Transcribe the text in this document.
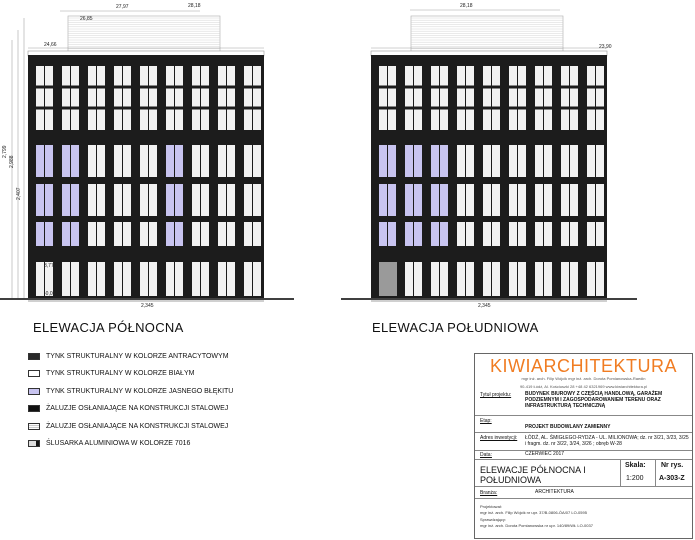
27,97	28,18
26,85
24,66
28,18
23,90
2,799
2,988
2,407
3,77
-0,05
2,345	2,345
ELEWACJA PÓŁNOCNA	ELEWACJA POŁUDNIOWA
TYNK STRUKTURALNY W KOLORZE ANTRACYTOWYM
TYNK STRUKTURALNY W KOLORZE BIAŁYM
TYNK STRUKTURALNY W KOLORZE JASNEGO BŁĘKITU
ŻALUZJE OSŁANIAJĄCE NA KONSTRUKCJI STALOWEJ
ŻALUZJE OSŁANIAJĄCE NA KONSTRUKCJI STALOWEJ
ŚLUSARKA ALUMINIOWA W KOLORZE 7016
KIWIARCHITEKTURA
mgr inż. arch. Filip Wójcik mgr inż. arch. Dorota Pomianowska-Raedin
90-419 Łódź, Al. Kościuszki 28 +48 42 6321969 www.kiwiarchitektura.pl
Tytuł projektu:	BUDYNEK BIUROWY Z CZĘŚCIĄ HANDLOWĄ, GARAŻEM PODZIEMNYM I ZAGOSPODAROWANIEM TERENU ORAZ INFRASTRUKTURĄ TECHNICZNĄ
Etap:
PROJEKT BUDOWLANY ZAMIENNY
Adres inwestycji: ŁÓDŹ, AL. ŚMIGŁEGO-RYDZA - UL. MILIONOWA; dz. nr 3/21, 3/23, 3/25 i fragm. dz. nr 3/22, 3/24, 3/26 ; obręb W-28
Data:	CZERWIEC 2017
ELEWACJE PÓŁNOCNA I POŁUDNIOWA
Skala:
1:200
Nr rys.
A-303-Z
Branża:	ARCHITEKTURA
Projektował:
mgr inż. arch. Filip Wójcik nr upr. 37/B-0806-ÓA/07 LO-0595
Sprawdzający:
mgr inż. arch. Dorota Pomianowska nr upr. 140/89/WŁ LO-0037
